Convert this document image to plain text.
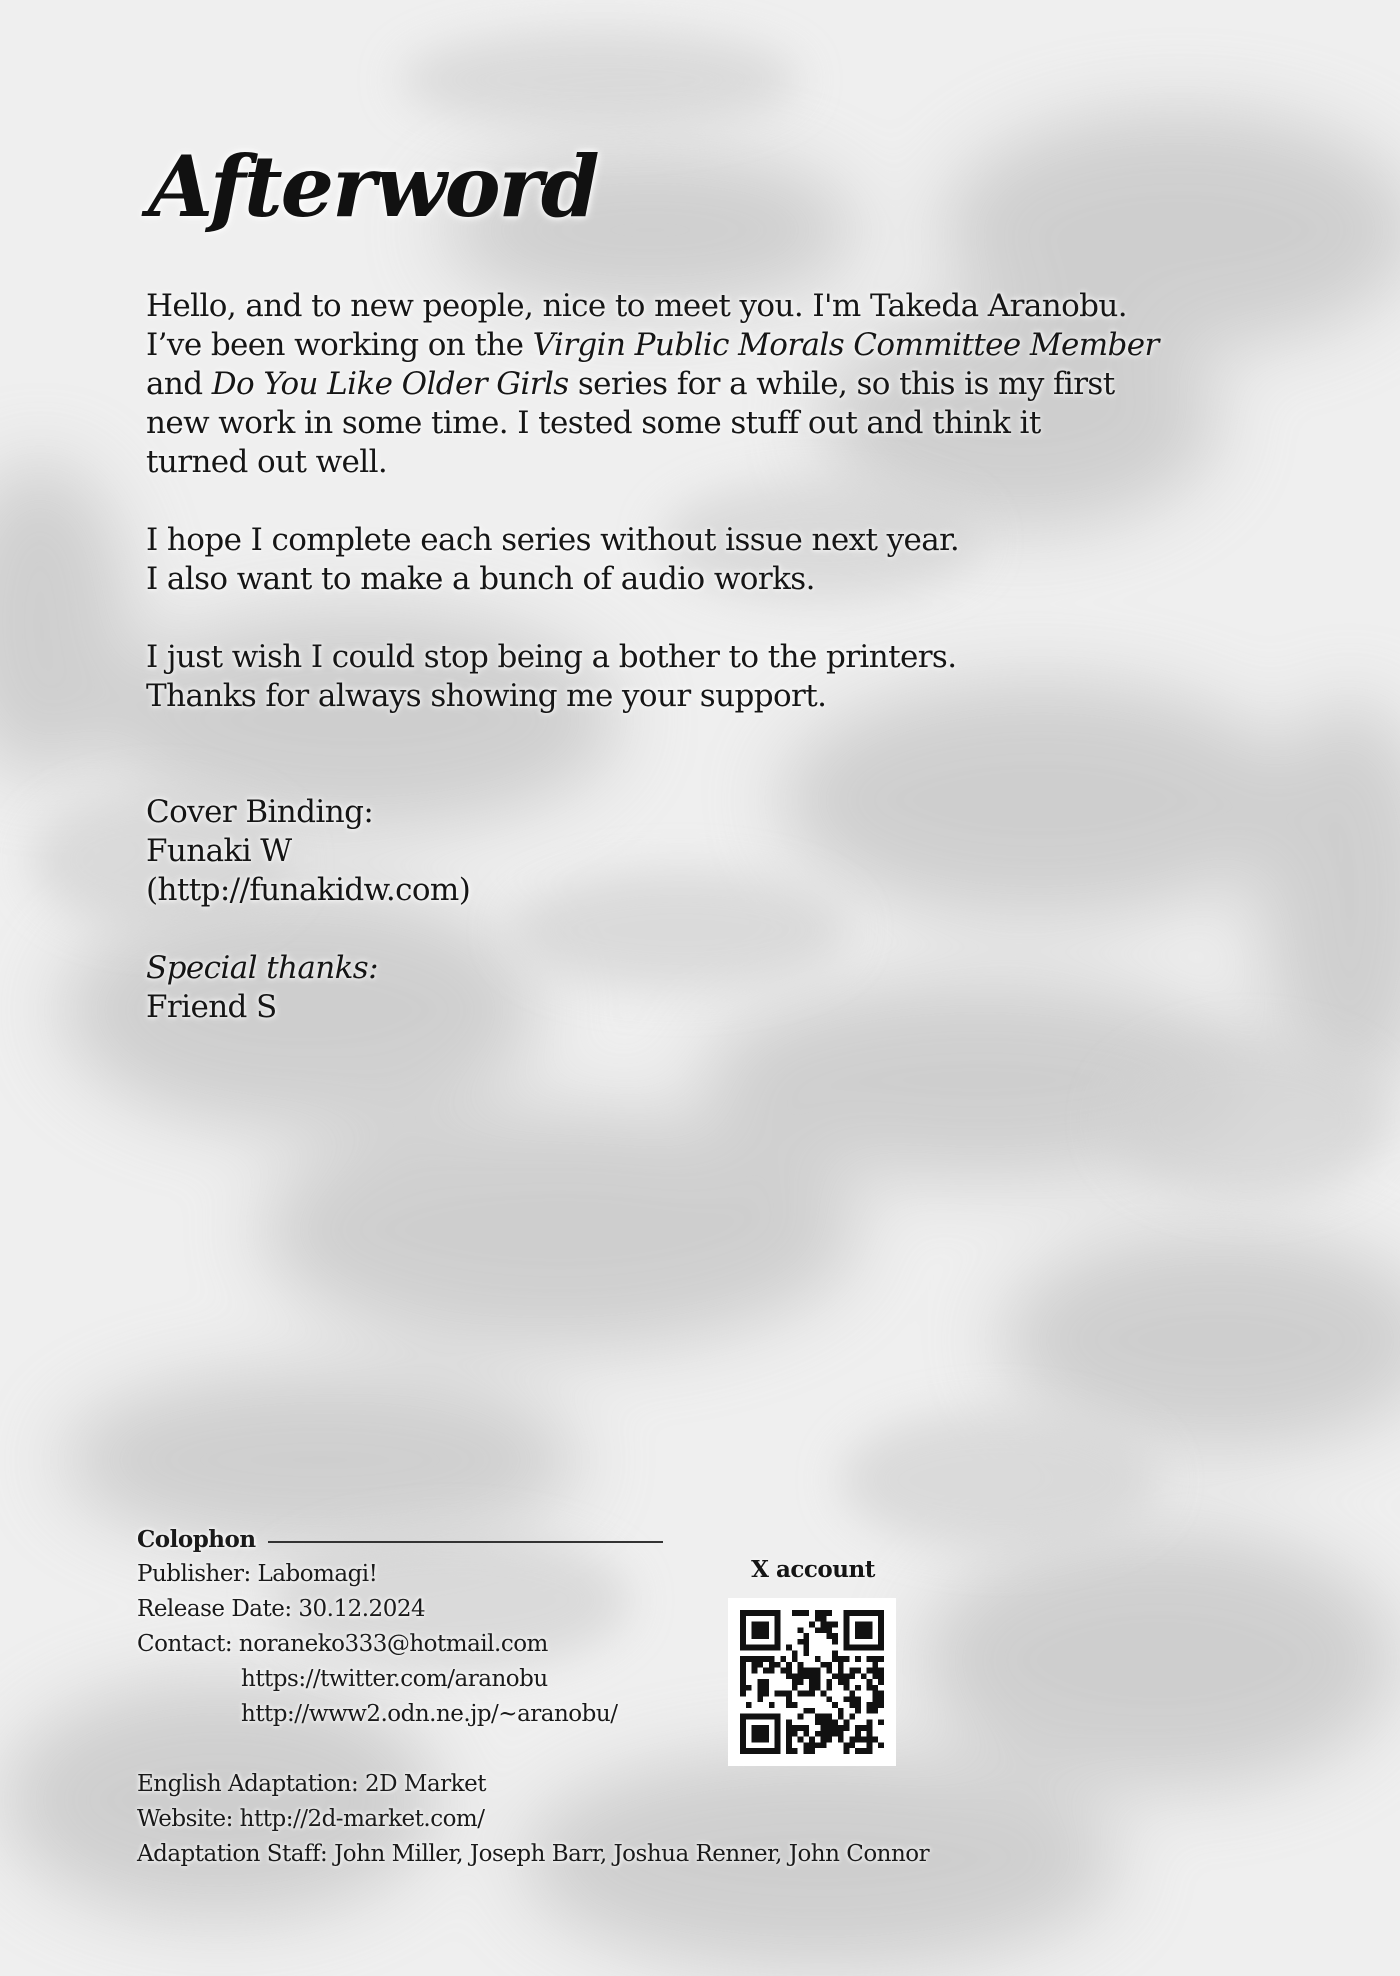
Afterword

Hello, and to new people, nice to meet you. I'm Takeda Aranobu.
I’ve been working on the Virgin Public Morals Committee Member
and Do You Like Older Girls series for a while, so this is my first
new work in some time. I tested some stuff out and think it
turned out well.

I hope I complete each series without issue next year.
I also want to make a bunch of audio works.

I just wish I could stop being a bother to the printers.
Thanks for always showing me your support.

Cover Binding:
Funaki W
(http://funakidw.com)
Special thanks:
Friend S
Colophon
Publisher: Labomagi!
Release Date: 30.12.2024
Contact: noraneko333@hotmail.com
https://twitter.com/aranobu
http://www2.odn.ne.jp/~aranobu/
English Adaptation: 2D Market
Website: http://2d-market.com/
Adaptation Staff: John Miller, Joseph Barr, Joshua Renner, John Connor
X account
